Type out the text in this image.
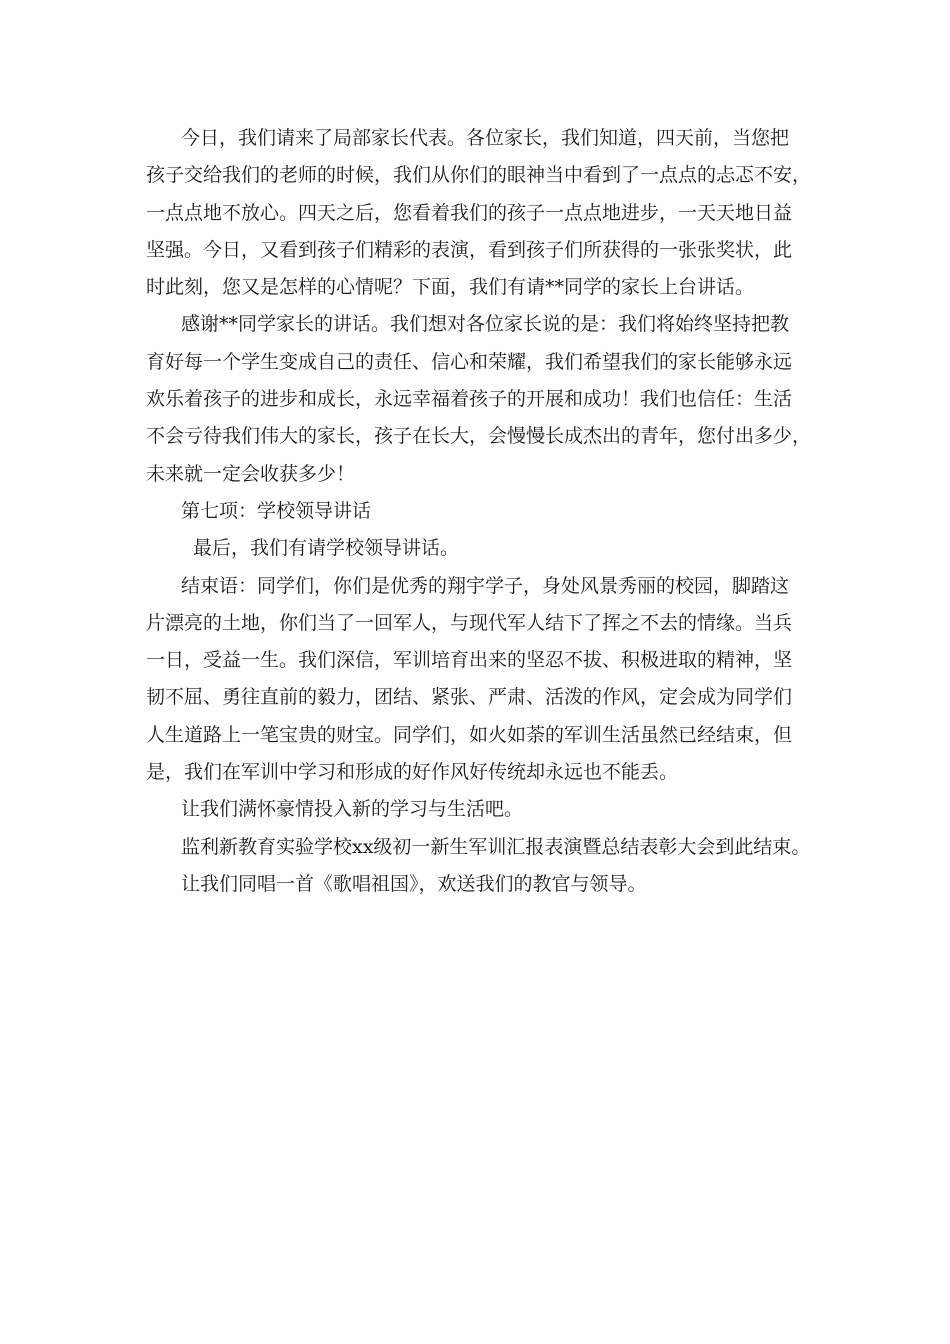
今日，我们请来了局部家长代表。各位家长，我们知道，四天前，当您把
孩子交给我们的老师的时候，我们从你们的眼神当中看到了一点点的忐忑不安，
一点点地不放心。四天之后，您看着我们的孩子一点点地进步，一天天地日益
坚强。今日，又看到孩子们精彩的表演，看到孩子们所获得的一张张奖状，此
时此刻，您又是怎样的心情呢？下面，我们有请**同学的家长上台讲话。
感谢**同学家长的讲话。我们想对各位家长说的是：我们将始终坚持把教
育好每一个学生变成自己的责任、信心和荣耀，我们希望我们的家长能够永远
欢乐着孩子的进步和成长，永远幸福着孩子的开展和成功！我们也信任：生活
不会亏待我们伟大的家长，孩子在长大，会慢慢长成杰出的青年，您付出多少，
未来就一定会收获多少！
第七项：学校领导讲话
最后，我们有请学校领导讲话。
结束语：同学们，你们是优秀的翔宇学子，身处风景秀丽的校园，脚踏这
片漂亮的土地，你们当了一回军人，与现代军人结下了挥之不去的情缘。当兵
一日，受益一生。我们深信，军训培育出来的坚忍不拔、积极进取的精神，坚
韧不屈、勇往直前的毅力，团结、紧张、严肃、活泼的作风，定会成为同学们
人生道路上一笔宝贵的财宝。同学们，如火如荼的军训生活虽然已经结束，但
是，我们在军训中学习和形成的好作风好传统却永远也不能丢。
让我们满怀豪情投入新的学习与生活吧。
监利新教育实验学校xx级初一新生军训汇报表演暨总结表彰大会到此结束。
让我们同唱一首《歌唱祖国》，欢送我们的教官与领导。
